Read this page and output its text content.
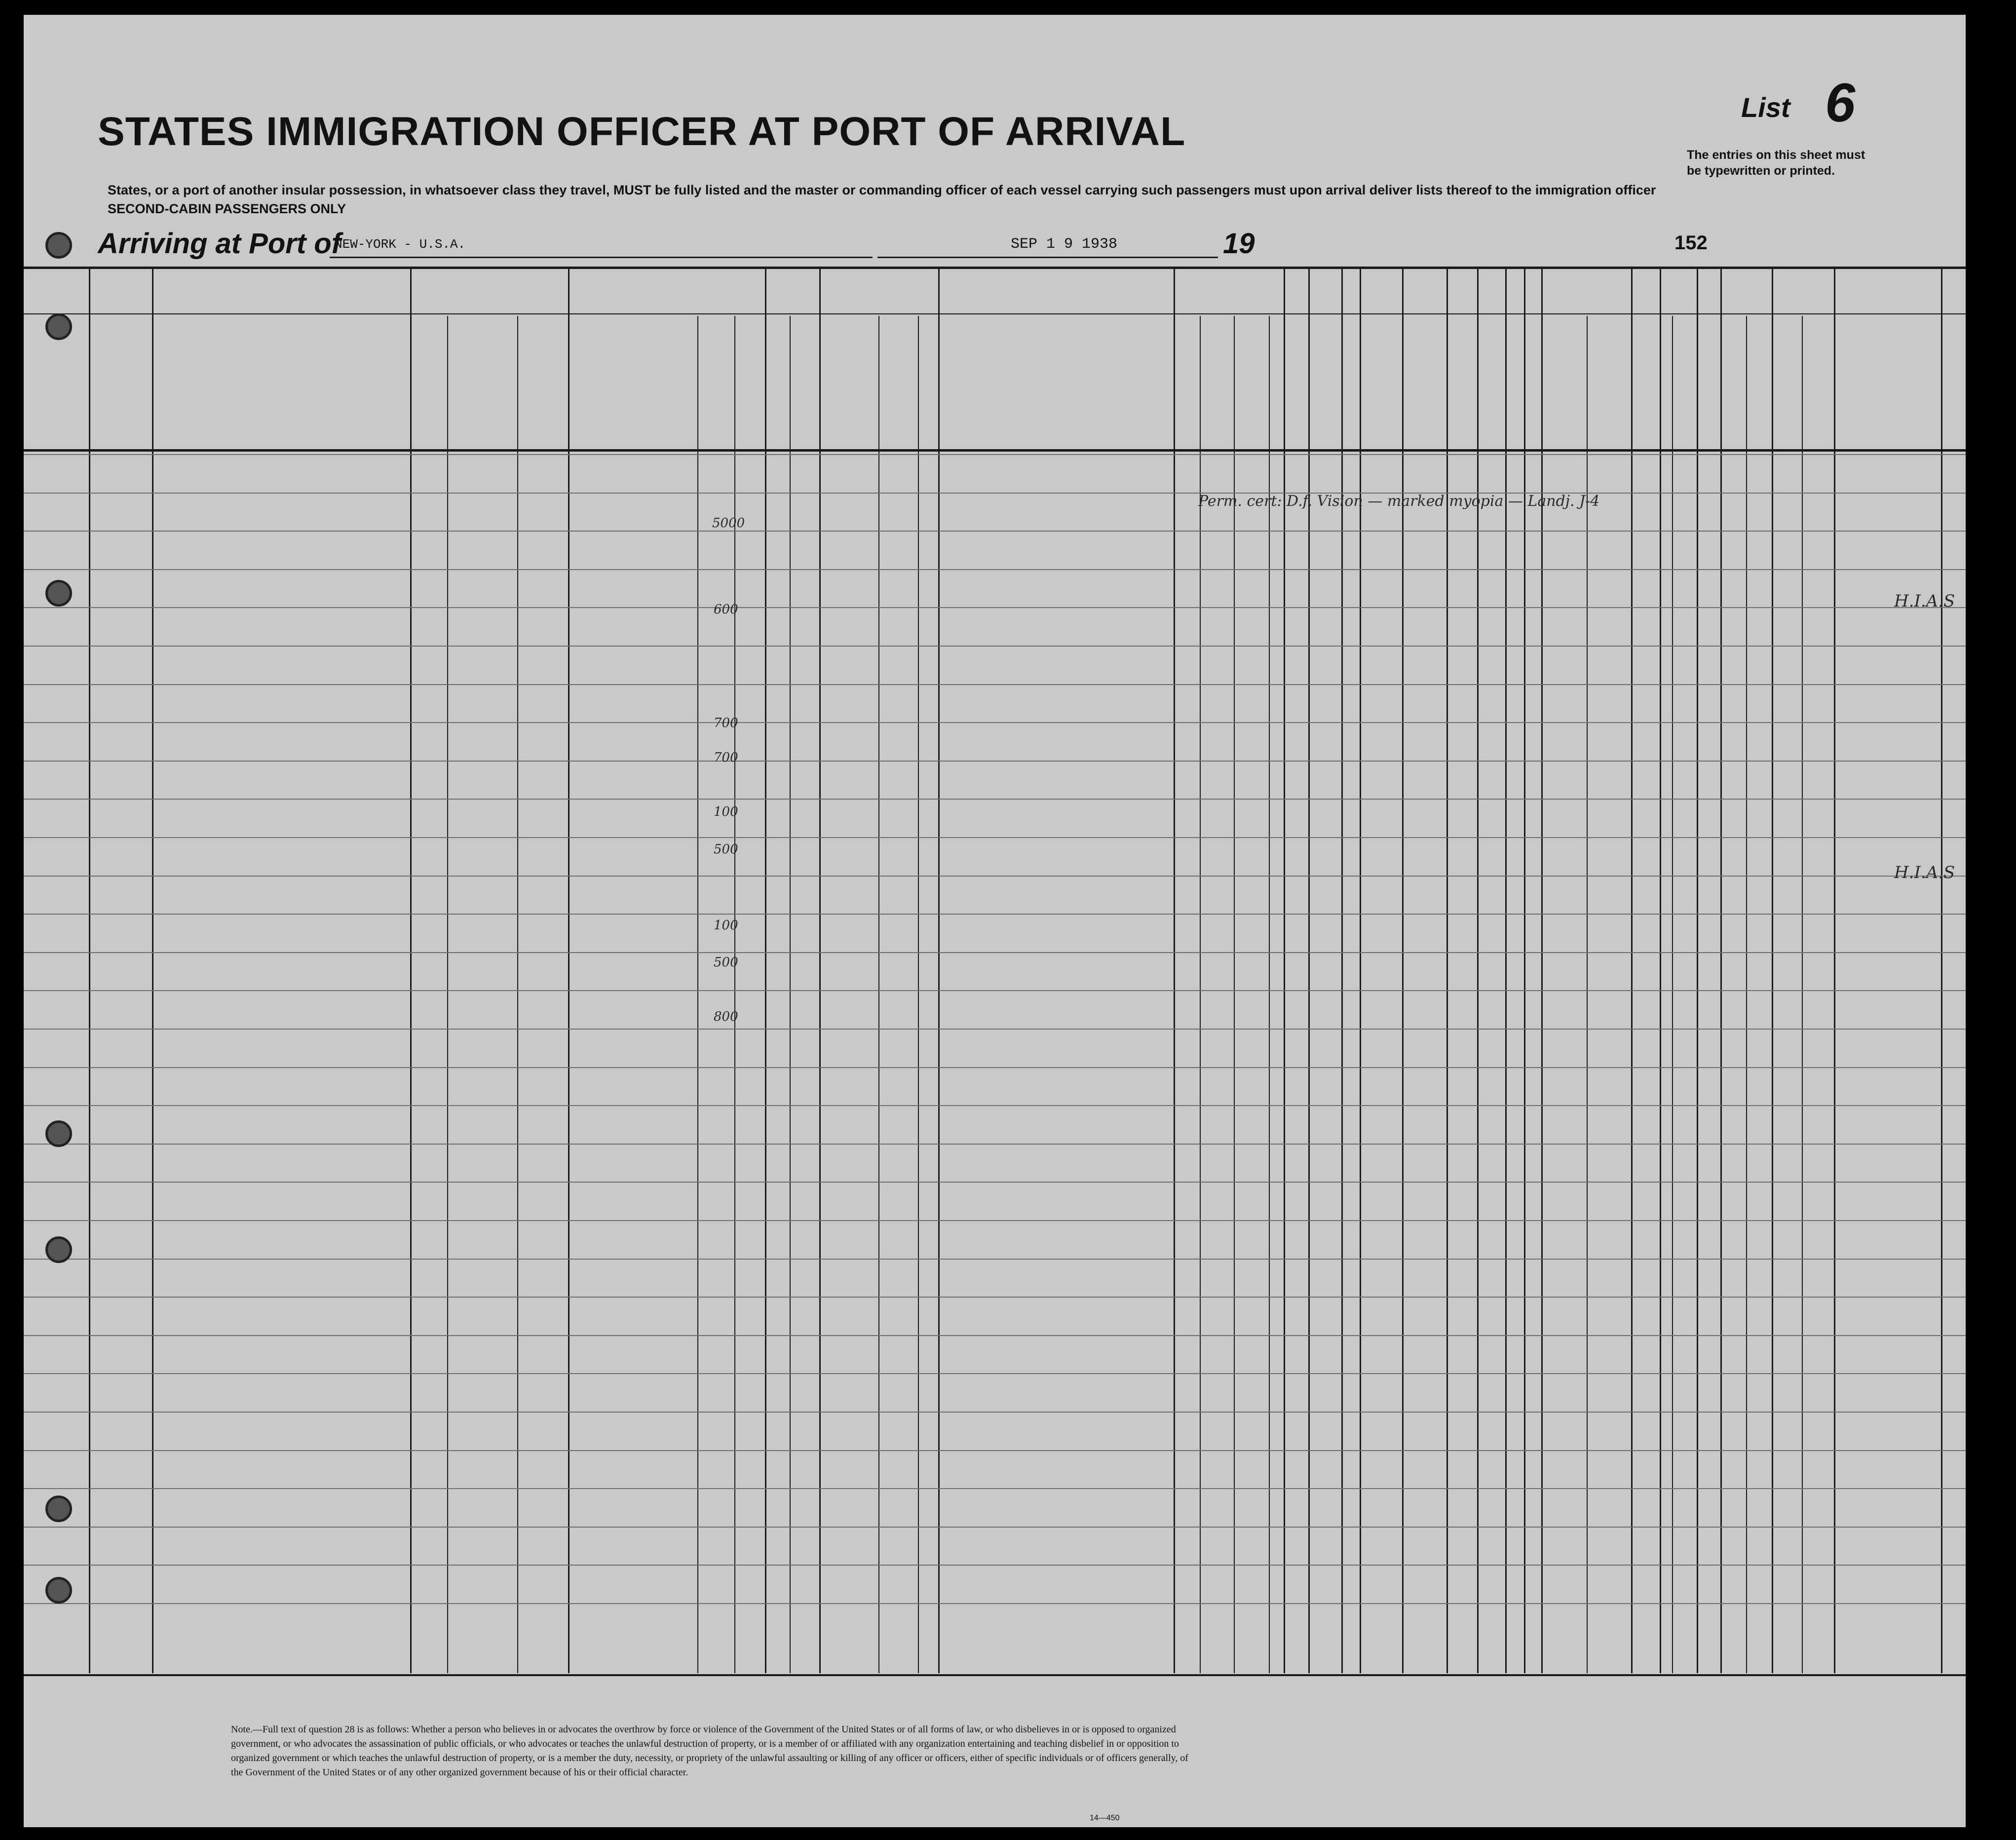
STATES IMMIGRATION OFFICER AT PORT OF ARRIVAL
States, or a port of another insular possession, in whatsoever class they travel, MUST be fully listed and the master or commanding officer of each vessel carrying such passengers must upon arrival deliver lists thereof to the immigration officer
SECOND-CABIN PASSENGERS ONLY
List 6
The entries on this sheet must
be typewritten or printed.
Arriving at Port of
NEW-YORK - U.S.A.	SEP 1 9 1938	19	152
5000
600
700
700
100
500
100
500
800
H.I.A.S
H.I.A.S
Perm. cert: D.f. Vision — marked myopia — Landj. J-4
Note.—Full text of question 28 is as follows: Whether a person who believes in or advocates the overthrow by force or violence of the Government of the United States or of all forms of law, or who disbelieves in or is opposed to organized government, or who advocates the assassination of public officials, or who advocates or teaches the unlawful destruction of property, or is a member of or affiliated with any organization entertaining and teaching disbelief in or opposition to organized government or which teaches the unlawful destruction of property, or is a member the duty, necessity, or propriety of the unlawful assaulting or killing of any officer or officers, either of specific individuals or of officers generally, of the Government of the United States or of any other organized government because of his or their official character.
14—450
